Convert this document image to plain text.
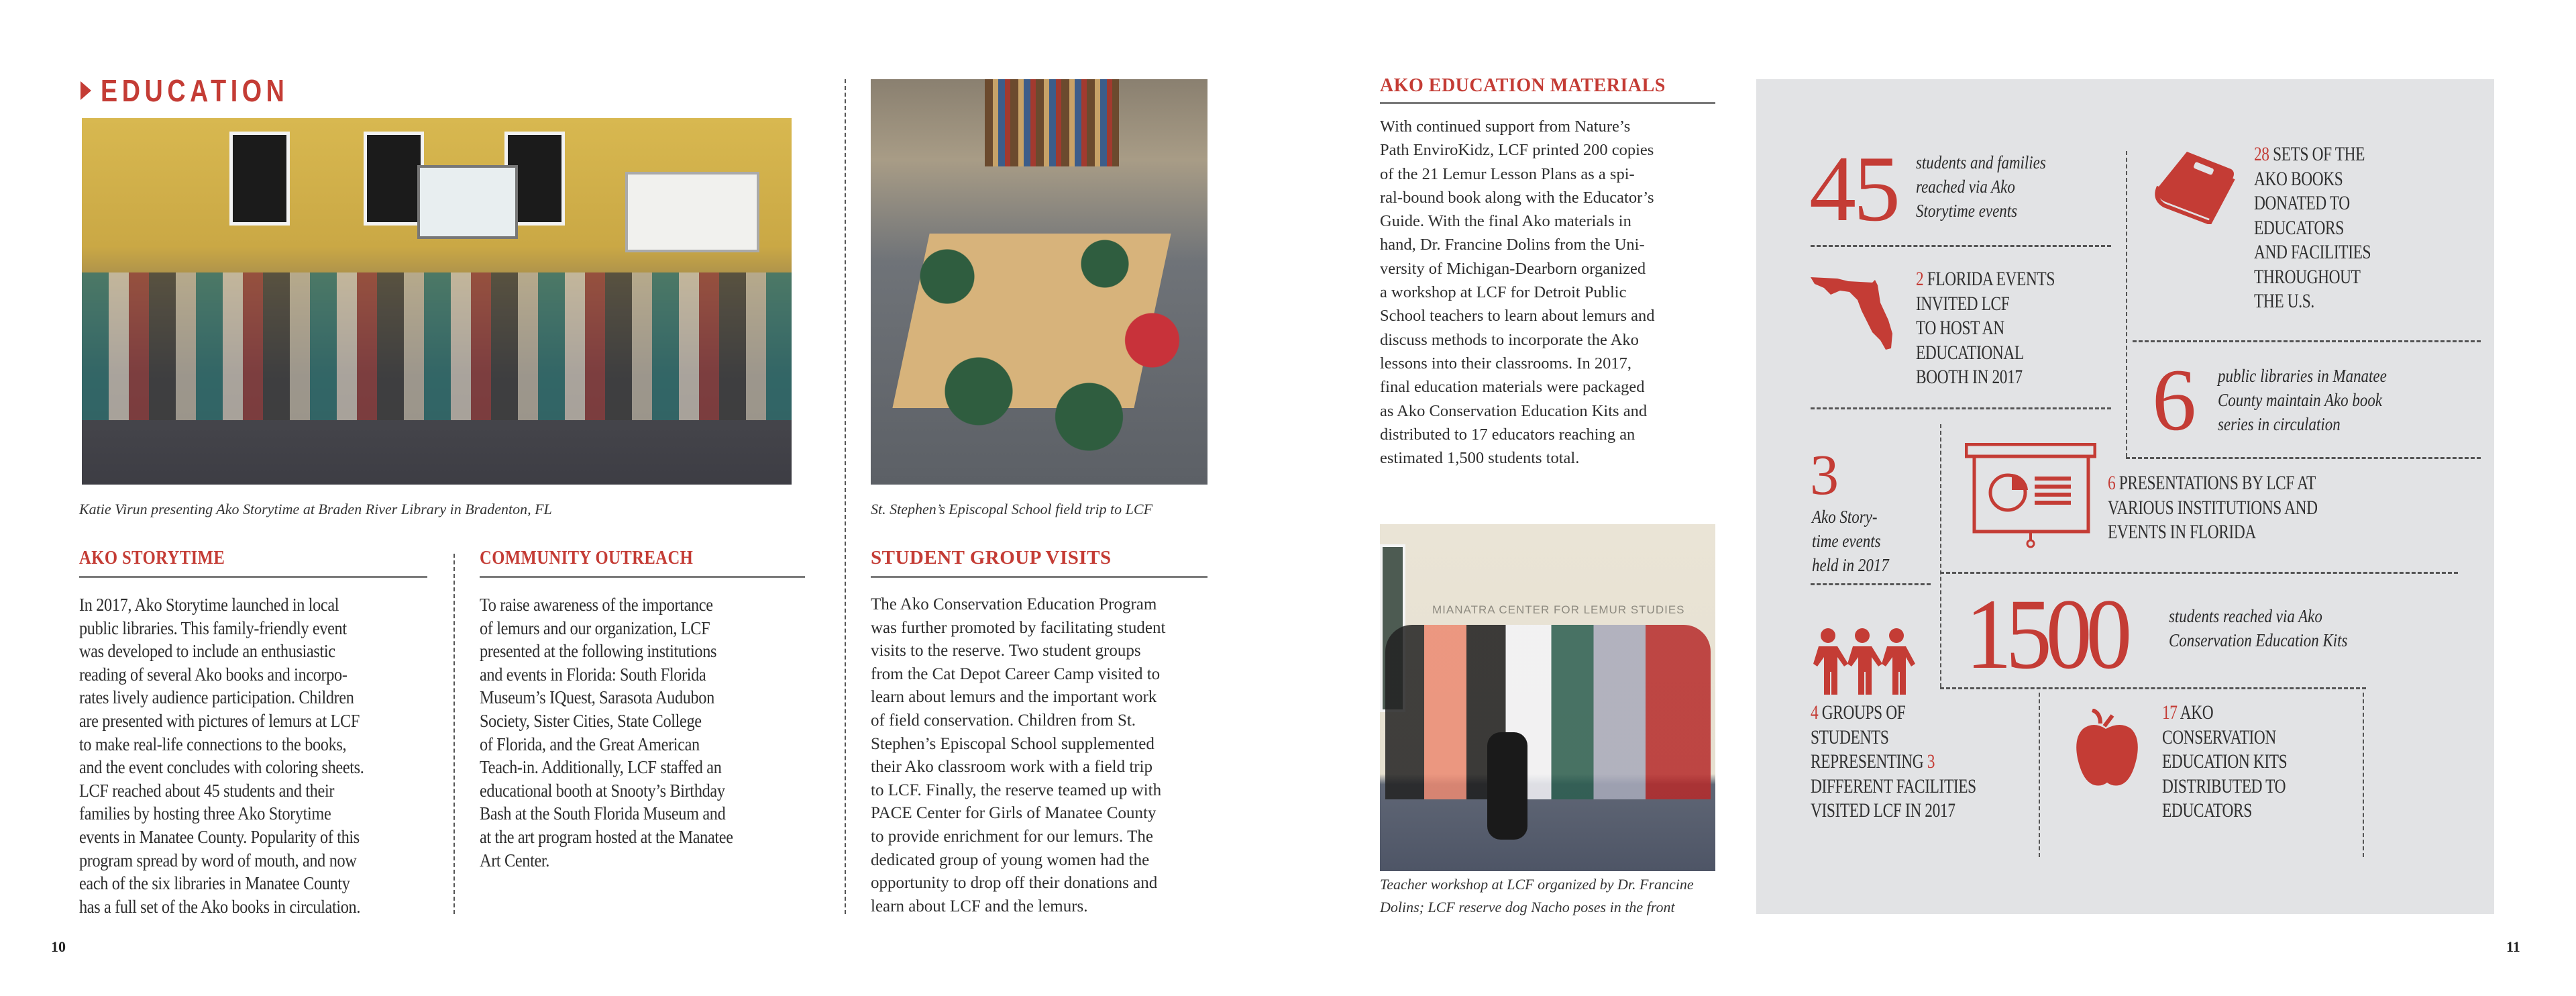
EDUCATION
Katie Virun presenting Ako Storytime at Braden River Library in Bradenton, FL	St. Stephen’s Episcopal School field trip to LCF
AKO STORYTIME
In 2017, Ako Storytime launched in local
public libraries. This family-friendly event
was developed to include an enthusiastic
reading of several Ako books and incorpo-
rates lively audience participation. Children
are presented with pictures of lemurs at LCF
to make real-life connections to the books,
and the event concludes with coloring sheets.
LCF reached about 45 students and their
families by hosting three Ako Storytime
events in Manatee County. Popularity of this
program spread by word of mouth, and now
each of the six libraries in Manatee County
has a full set of the Ako books in circulation.
COMMUNITY OUTREACH
To raise awareness of the importance
of lemurs and our organization, LCF
presented at the following institutions
and events in Florida: South Florida
Museum’s IQuest, Sarasota Audubon
Society, Sister Cities, State College
of Florida, and the Great American
Teach-in. Additionally, LCF staffed an
educational booth at Snooty’s Birthday
Bash at the South Florida Museum and
at the art program hosted at the Manatee
Art Center.
STUDENT GROUP VISITS
The Ako Conservation Education Program
was further promoted by facilitating student
visits to the reserve. Two student groups
from the Cat Depot Career Camp visited to
learn about lemurs and the important work
of field conservation. Children from St.
Stephen’s Episcopal School supplemented
their Ako classroom work with a field trip
to LCF. Finally, the reserve teamed up with
PACE Center for Girls of Manatee County
to provide enrichment for our lemurs. The
dedicated group of young women had the
opportunity to drop off their donations and
learn about LCF and the lemurs.
10
AKO EDUCATION MATERIALS
With continued support from Nature’s
Path EnviroKidz, LCF printed 200 copies
of the 21 Lemur Lesson Plans as a spi-
ral-bound book along with the Educator’s
Guide. With the final Ako materials in
hand, Dr. Francine Dolins from the Uni-
versity of Michigan-Dearborn organized
a workshop at LCF for Detroit Public
School teachers to learn about lemurs and
discuss methods to incorporate the Ako
lessons into their classrooms. In 2017,
final education materials were packaged
as Ako Conservation Education Kits and
distributed to 17 educators reaching an
estimated 1,500 students total.
MIANATRA CENTER FOR LEMUR STUDIES
Teacher workshop at LCF organized by Dr. Francine
Dolins; LCF reserve dog Nacho poses in the front
45 students and families
reached via Ako
Storytime events
28 SETS OF THE
AKO BOOKS
DONATED TO
EDUCATORS
AND FACILITIES
THROUGHOUT
THE U.S.
2 FLORIDA EVENTS
INVITED LCF
TO HOST AN
EDUCATIONAL
BOOTH IN 2017	6 public libraries in Manatee
County maintain Ako book
series in circulation
3
Ako Story-
time events
held in 2017
6 PRESENTATIONS BY LCF AT
VARIOUS INSTITUTIONS AND
EVENTS IN FLORIDA
1500 students reached via Ako
Conservation Education Kits
4 GROUPS OF
STUDENTS
REPRESENTING 3
DIFFERENT FACILITIES
VISITED LCF IN 2017
17 AKO
CONSERVATION
EDUCATION KITS
DISTRIBUTED TO
EDUCATORS
11
